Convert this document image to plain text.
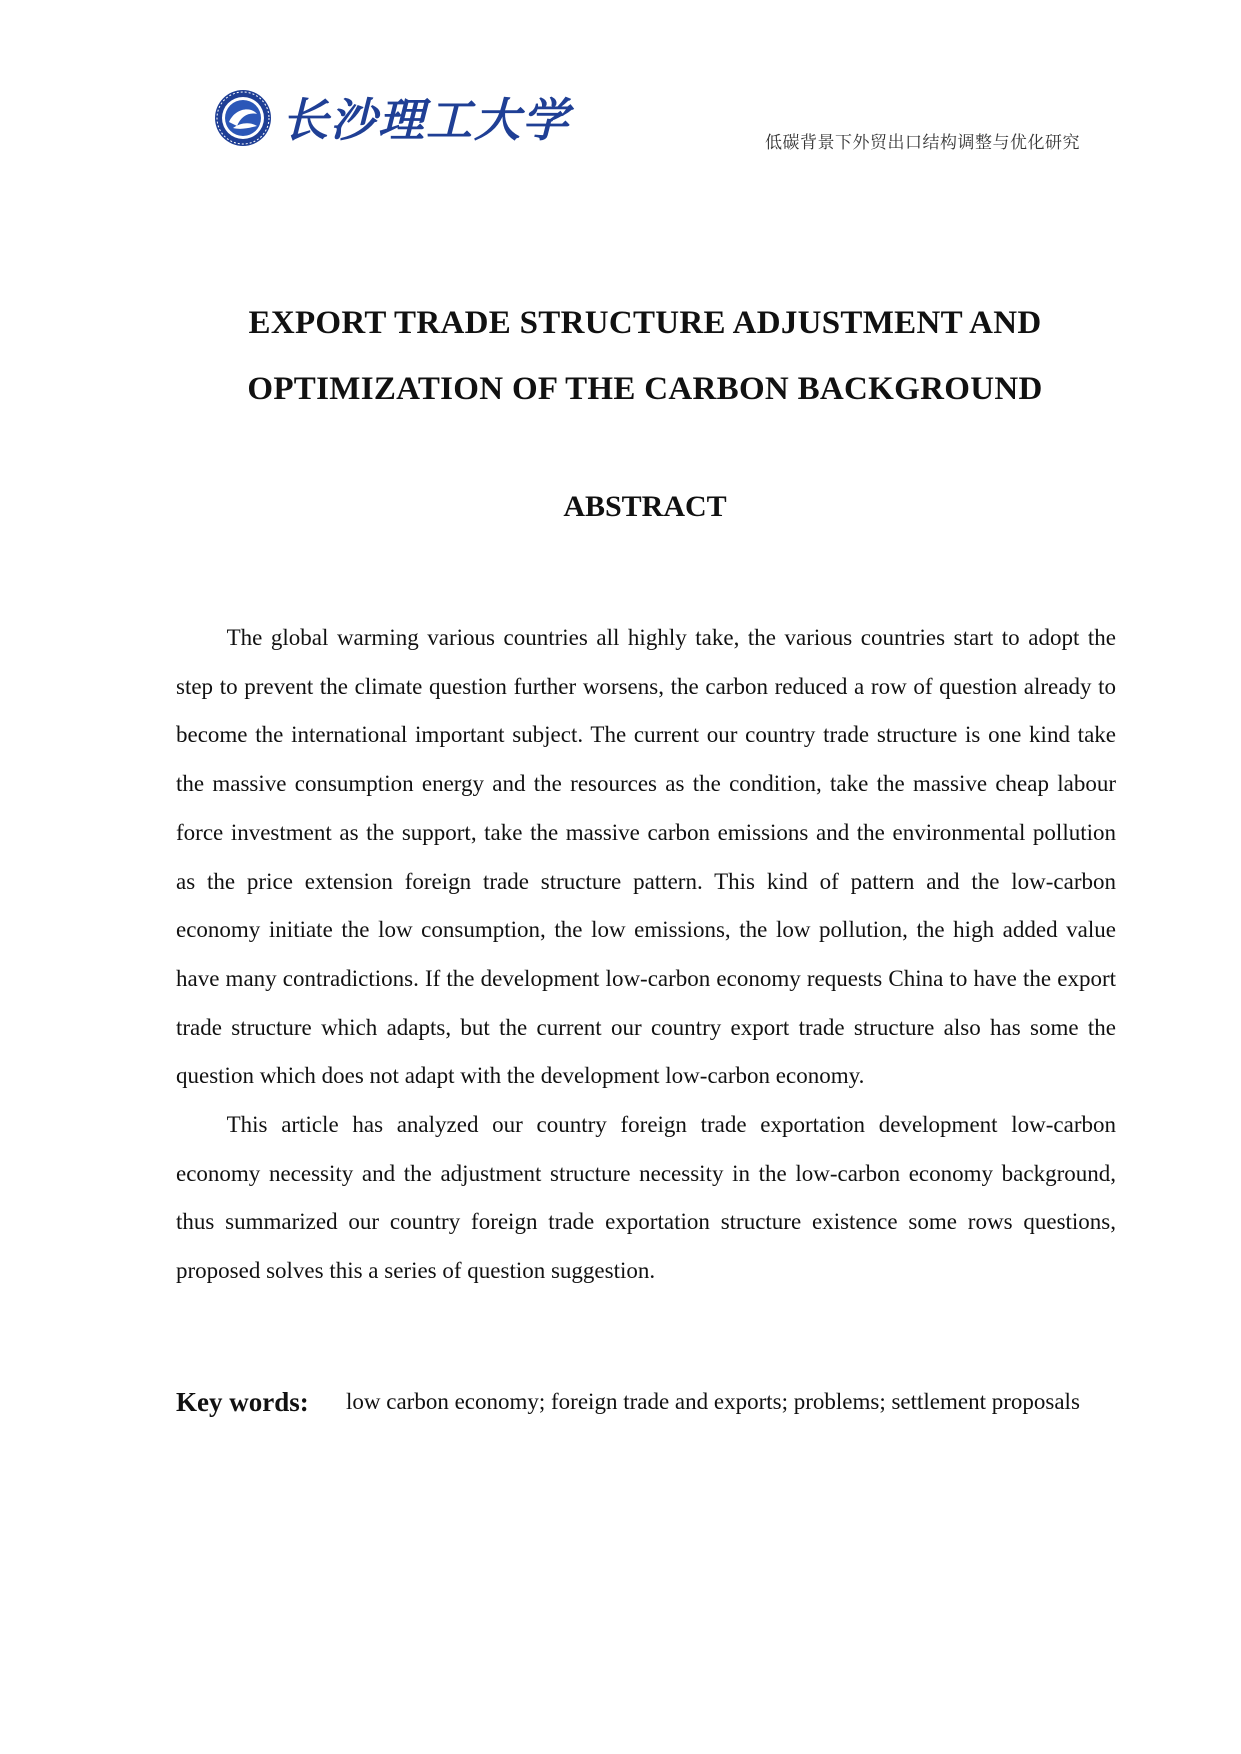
长沙理工大学	低碳背景下外贸出口结构调整与优化研究
EXPORT TRADE STRUCTURE ADJUSTMENT AND
OPTIMIZATION OF THE CARBON BACKGROUND
ABSTRACT

The global warming various countries all highly take, the various countries start to adopt the step to prevent the climate question further worsens, the carbon reduced a row of question already to become the international important subject. The current our country trade structure is one kind take the massive consumption energy and the resources as the condition, take the massive cheap labour force investment as the support, take the massive carbon emissions and the environmental pollution as the price extension foreign trade structure pattern. This kind of pattern and the low-carbon economy initiate the low consumption, the low emissions, the low pollution, the high added value have many contradictions. If the development low-carbon economy requests China to have the export trade structure which adapts, but the current our country export trade structure also has some the question which does not adapt with the development low-carbon economy.

This article has analyzed our country foreign trade exportation development low-carbon economy necessity and the adjustment structure necessity in the low-carbon economy background, thus summarized our country foreign trade exportation structure existence some rows questions, proposed solves this a series of question suggestion.

Key words: low carbon economy; foreign trade and exports; problems; settlement proposals
